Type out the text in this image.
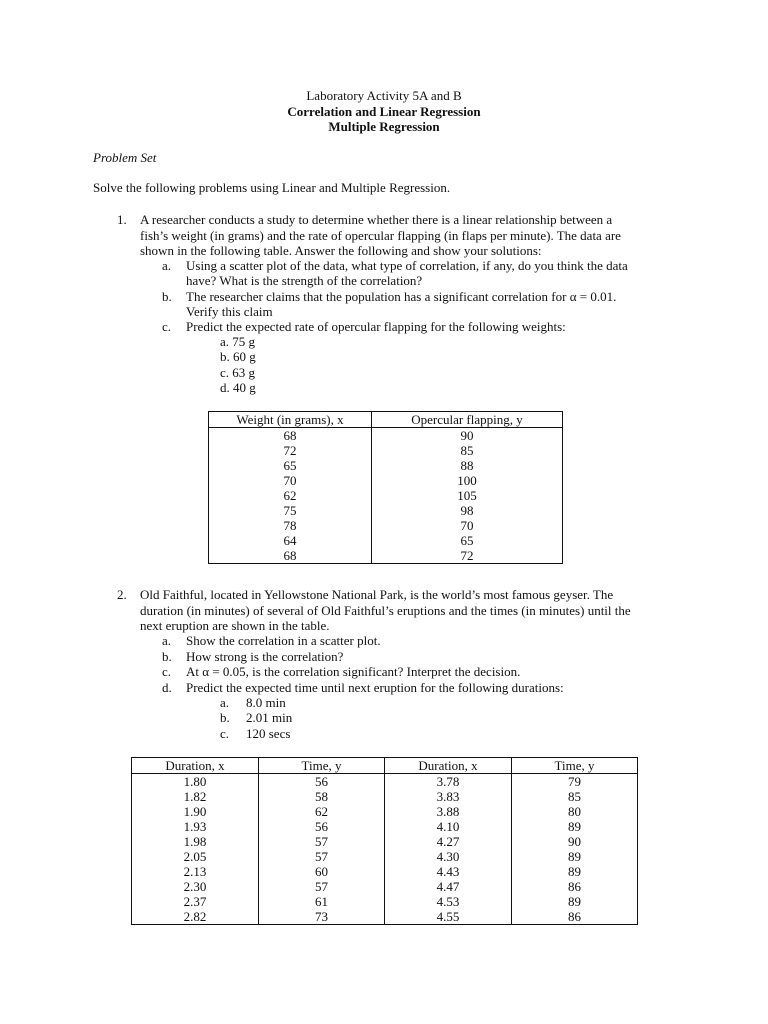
Laboratory Activity 5A and B
Correlation and Linear Regression
Multiple Regression
Problem Set
Solve the following problems using Linear and Multiple Regression.
1. A researcher conducts a study to determine whether there is a linear relationship between a
fish’s weight (in grams) and the rate of opercular flapping (in flaps per minute). The data are
shown in the following table. Answer the following and show your solutions:
a. Using a scatter plot of the data, what type of correlation, if any, do you think the data
have? What is the strength of the correlation?
b. The researcher claims that the population has a significant correlation for α = 0.01.
Verify this claim
c. Predict the expected rate of opercular flapping for the following weights:
a. 75 g
b. 60 g
c. 63 g
d. 40 g
Weight (in grams), x	Opercular flapping, y
68	90
72	85
65	88
70	100
62	105
75	98
78	70
64	65
68	72
2. Old Faithful, located in Yellowstone National Park, is the world’s most famous geyser. The
duration (in minutes) of several of Old Faithful’s eruptions and the times (in minutes) until the
next eruption are shown in the table.
a. Show the correlation in a scatter plot.
b. How strong is the correlation?
c. At α = 0.05, is the correlation significant? Interpret the decision.
d. Predict the expected time until next eruption for the following durations:
a. 8.0 min
b. 2.01 min
c. 120 secs
Duration, x	Time, y	Duration, x	Time, y
1.80	56	3.78	79
1.82	58	3.83	85
1.90	62	3.88	80
1.93	56	4.10	89
1.98	57	4.27	90
2.05	57	4.30	89
2.13	60	4.43	89
2.30	57	4.47	86
2.37	61	4.53	89
2.82	73	4.55	86
